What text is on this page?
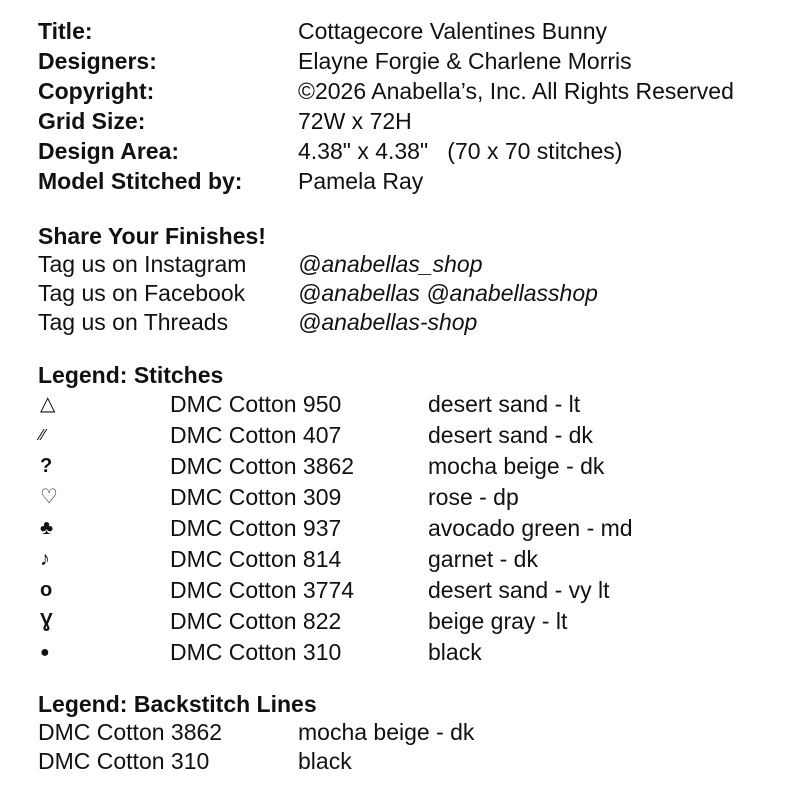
Title:	Cottagecore Valentines Bunny
Designers:	Elayne Forgie & Charlene Morris
Copyright:	©2026 Anabella’s, Inc. All Rights Reserved
Grid Size:	72W x 72H
Design Area:	4.38" x 4.38"   (70 x 70 stitches)
Model Stitched by:	Pamela Ray
Share Your Finishes!
Tag us on Instagram	@anabellas_shop
Tag us on Facebook	@anabellas @anabellasshop
Tag us on Threads	@anabellas-shop
Legend: Stitches
△	DMC Cotton 950	desert sand - lt
⁄⁄	DMC Cotton 407	desert sand - dk
?	DMC Cotton 3862	mocha beige - dk
♡	DMC Cotton 309	rose - dp
♣	DMC Cotton 937	avocado green - md
♪	DMC Cotton 814	garnet - dk
o	DMC Cotton 3774	desert sand - vy lt
Ɣ	DMC Cotton 822	beige gray - lt
●	DMC Cotton 310	black
Legend: Backstitch Lines
DMC Cotton 3862	mocha beige - dk
DMC Cotton 310	black
